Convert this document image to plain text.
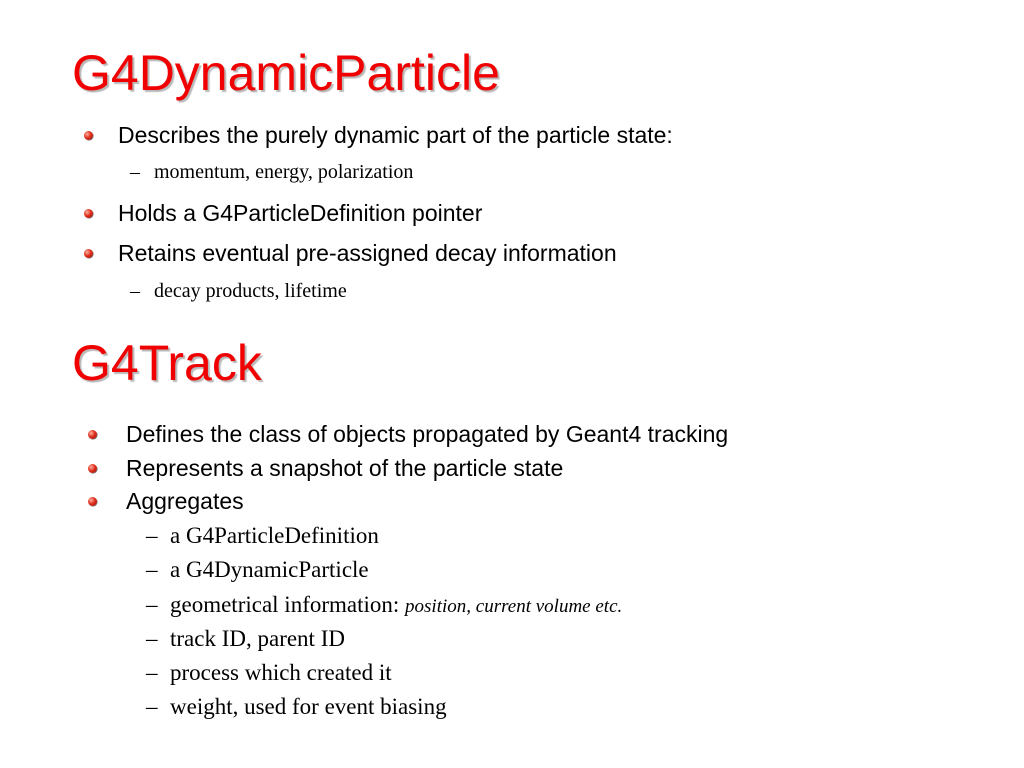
G4DynamicParticle
Describes the purely dynamic part of the particle state:
– momentum, energy, polarization
Holds a G4ParticleDefinition pointer
Retains eventual pre-assigned decay information
– decay products, lifetime
G4Track
Defines the class of objects propagated by Geant4 tracking
Represents a snapshot of the particle state
Aggregates
– a G4ParticleDefinition
– a G4DynamicParticle
– geometrical information: position, current volume etc.
– track ID, parent ID
– process which created it
– weight, used for event biasing
